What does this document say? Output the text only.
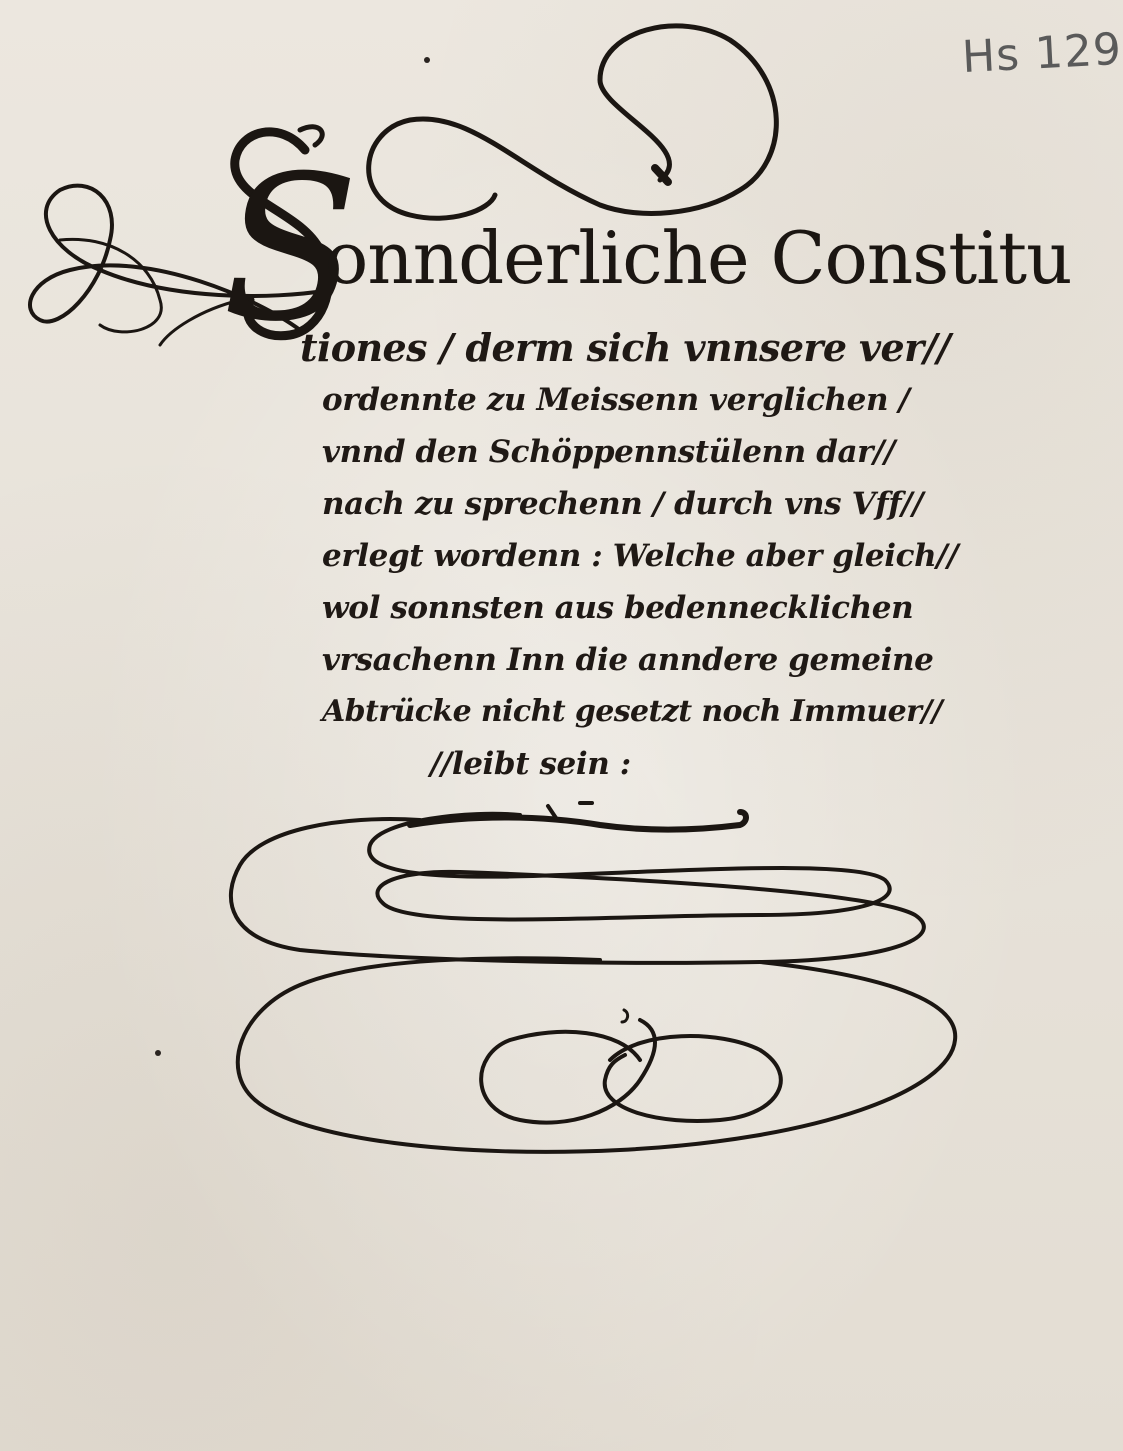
Hs 129
S
onnderliche Constitu
tiones / derm sich vnnsere ver//
ordennte zu Meissenn verglichen /
vnnd den Schöppennstülenn dar//
nach zu sprechenn / durch vns Vff//
erlegt wordenn : Welche aber gleich//
wol sonnsten aus bedennecklichen
vrsachenn Inn die anndere gemeine
Abtrücke nicht gesetzt noch Immuer//
//leibt sein :
